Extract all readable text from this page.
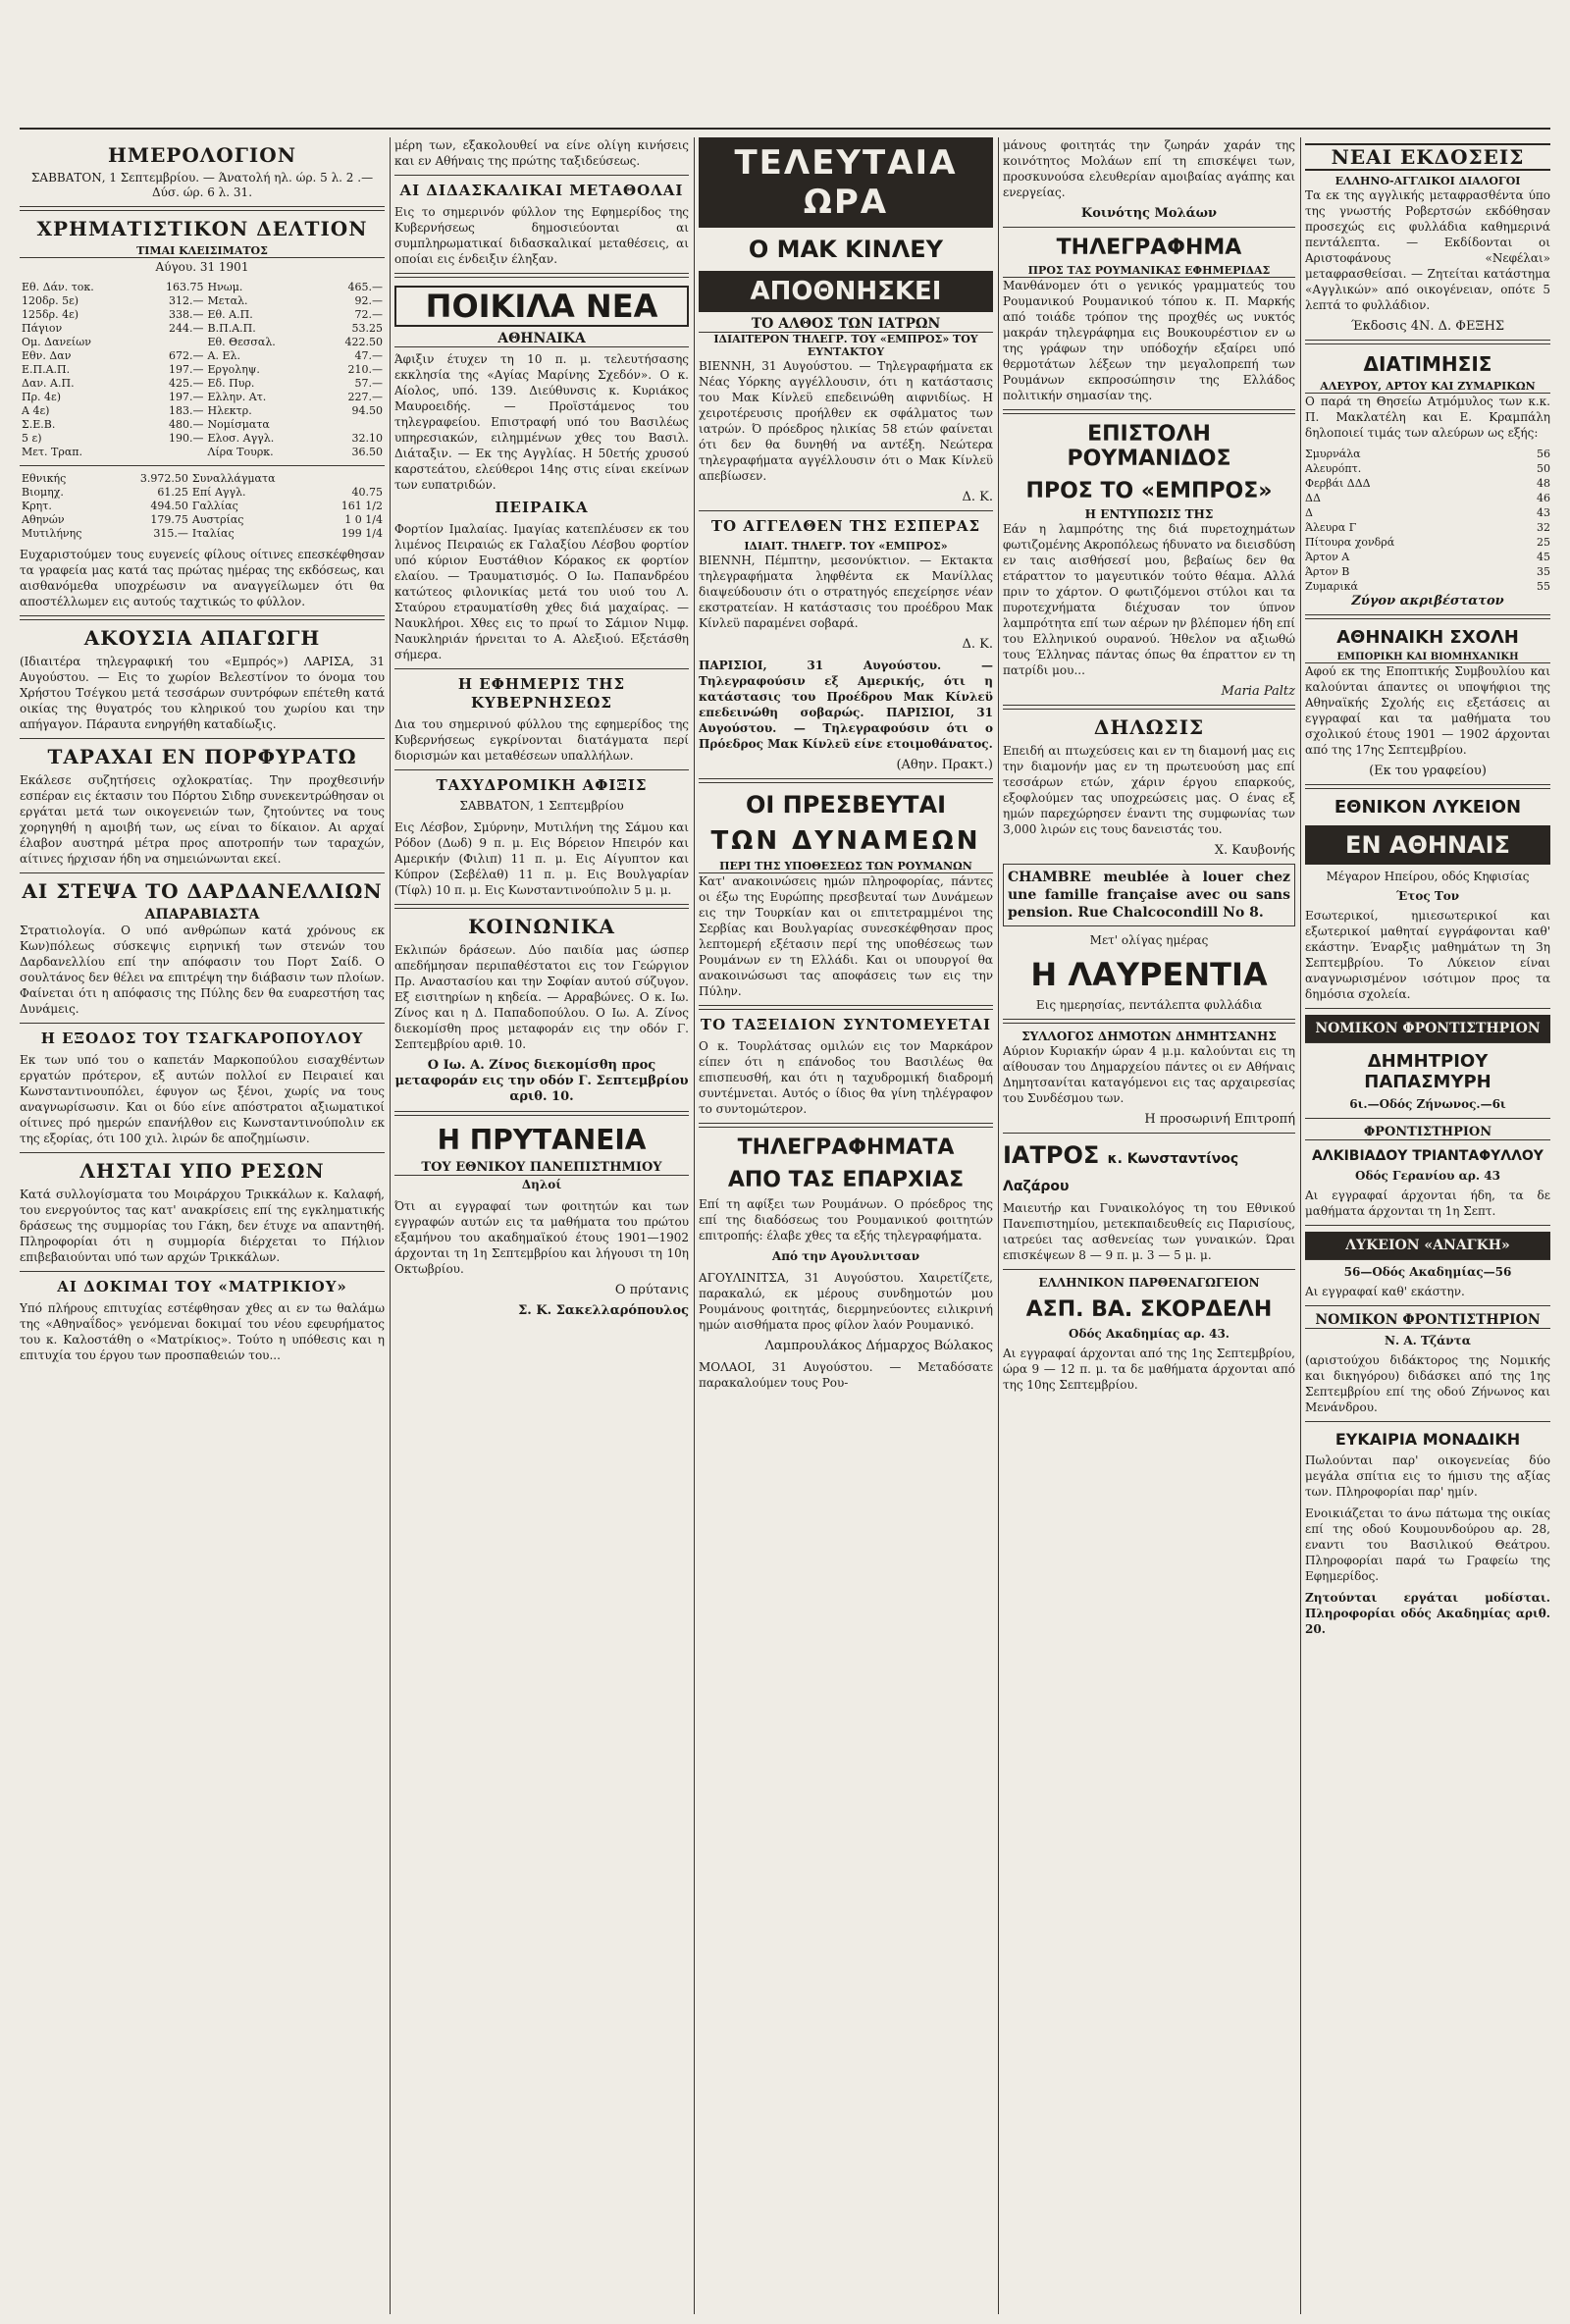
ΗΜΕΡΟΛΟΓΙΟΝ
ΣΑΒΒΑΤΟΝ, 1 Σεπτεμβρίου. — Άνατολή ηλ. ώρ. 5 λ. 2 .—Δύσ. ώρ. 6 λ. 31.
ΧΡΗΜΑΤΙΣΤΙΚΟΝ ΔΕΛΤΙΟΝ
ΤΙΜΑΙ ΚΛΕΙΣΙΜΑΤΟΣ
Αύγου. 31 1901
Εθ. Δάν. τοκ.	163.75	Ηνωμ.	465.—
120δρ. 5ε)	312.—	Μεταλ.	92.—
125δρ. 4ε)	338.—	Εθ. Α.Π.	72.—
Πάγιον	244.—	Β.Π.Α.Π.	53.25
Ομ. Δανείων		Εθ. Θεσσαλ.	422.50
Εθν. Δαν	672.—	Α. Ελ.	47.—
Ε.Π.Α.Π.	197.—	Εργοληψ.	210.—
Δαν. Α.Π.	425.—	Εδ. Πυρ.	57.—
Πρ. 4ε)	197.—	Ελλην. Ατ.	227.—
Α 4ε)	183.—	Ηλεκτρ.	94.50
Σ.Ε.Β.	480.—	Νομίσματα	
5 ε)	190.—	Ελοσ. Αγγλ.	32.10
Μετ. Τραπ.		Λίρα Τουρκ.	36.50
Εθνικής	3.972.50	Συναλλάγματα	
Βιομηχ.	61.25	Επί Αγγλ.	40.75
Κρητ.	494.50	Γαλλίας	161 1/2
Αθηνών	179.75	Αυστρίας	1 0 1/4
Μυτιλήνης	315.—	Ιταλίας	199 1/4

Ευχαριστούμεν τους ευγενείς φίλους οίτινες επεσκέφθησαν τα γραφεία μας κατά τας πρώτας ημέρας της εκδόσεως, και αισθανόμεθα υποχρέωσιν να αναγγείλωμεν ότι θα αποστέλλωμεν εις αυτούς ταχτικώς το φύλλον.

ΑΚΟΥΣΙΑ ΑΠΑΓΩΓΗ

(Ιδιαιτέρα τηλεγραφική του «Εμπρός») ΛΑΡΙΣΑ, 31 Αυγούστου. — Εις το χωρίον Βελεστίνον το όνομα του Χρήστου Τσέγκου μετά τεσσάρων συντρόφων επέτεθη κατά οικίας της θυγατρός του κληρικού του χωρίου και την απήγαγον. Πάραυτα ενηργήθη καταδίωξις.

ΤΑΡΑΧΑΙ ΕΝ ΠΟΡΦΥΡΑΤΩ

Εκάλεσε συζητήσεις οχλοκρατίας. Την προχθεσινήν εσπέραν εις έκτασιν του Πόρτου Σιδηρ συνεκεντρώθησαν οι εργάται μετά των οικογενειών των, ζητούντες να τους χορηγηθή η αμοιβή των, ως είναι το δίκαιον. Αι αρχαί έλαβον αυστηρά μέτρα προς αποτροπήν των ταραχών, αίτινες ήρχισαν ήδη να σημειώνωνται εκεί.

ΑΙ ΣΤΕΨΑ ΤΟ ΔΑΡΔΑΝΕΛΛΙΩΝ
ΑΠΑΡΑΒΙΑΣΤΑ

Στρατιολογία. Ο υπό ανθρώπων κατά χρόνους εκ Κων)πόλεως σύσκεψις ειρηνική των στενών του Δαρδανελλίου επί την απόφασιν του Πορτ Σαίδ. Ο σουλτάνος δεν θέλει να επιτρέψη την διάβασιν των πλοίων. Φαίνεται ότι η απόφασις της Πύλης δεν θα ευαρεστήση τας Δυνάμεις.

Η ΕΞΟΔΟΣ ΤΟΥ ΤΣΑΓΚΑΡΟΠΟΥΛΟΥ

Εκ των υπό του ο καπετάν Μαρκοπούλου εισαχθέντων εργατών πρότερον, εξ αυτών πολλοί εν Πειραιεί και Κωνσταντινουπόλει, έφυγον ως ξένοι, χωρίς να τους αναγνωρίσωσιν. Και οι δύο είνε απόστρατοι αξιωματικοί οίτινες πρό ημερών επανήλθον εις Κωνσταντινούπολιν εκ της εξορίας, ότι 100 χιλ. λιρών δε αποζημίωσιν.

ΛΗΣΤΑΙ ΥΠΟ ΡΕΣΩΝ

Κατά συλλογίσματα του Μοιράρχου Τρικκάλων κ. Καλαφή, του ενεργούντος τας κατ' ανακρίσεις επί της εγκληματικής δράσεως της συμμορίας του Γάκη, δεν έτυχε να απαντηθή. Πληροφορίαι ότι η συμμορία διέρχεται το Πήλιον επιβεβαιούνται υπό των αρχών Τρικκάλων.

ΑΙ ΔΟΚΙΜΑΙ ΤΟΥ «ΜΑΤΡΙΚΙΟΥ»

Υπό πλήρους επιτυχίας εστέφθησαν χθες αι εν τω θαλάμω της «Αθηναΐδος» γενόμεναι δοκιμαί του νέου εφευρήματος του κ. Καλοστάθη ο «Ματρίκιος». Τούτο η υπόθεσις και η επιτυχία του έργου των προσπαθειών του...

μέρη των, εξακολουθεί να είνε ολίγη κινήσεις και εν Αθήναις της πρώτης ταξιδεύσεως.

ΑΙ ΔΙΔΑΣΚΑΛΙΚΑΙ ΜΕΤΑΘΟΛΑΙ

Εις το σημερινόν φύλλον της Εφημερίδος της Κυβερνήσεως δημοσιεύονται αι συμπληρωματικαί διδασκαλικαί μεταθέσεις, αι οποίαι εις ένδειξιν έληξαν.

ΠΟΙΚΙΛΑ ΝΕΑ
ΑΘΗΝΑΙΚΑ

Άφιξιν έτυχεν τη 10 π. μ. τελευτήσασης εκκλησία της «Αγίας Μαρίνης Σχεδόν». Ο κ. Αίολος, υπό. 139. Διεύθυνσις κ. Κυριάκος Μαυροειδής. — Προϊστάμενος του τηλεγραφείου. Επιστραφή υπό του Βασιλέως υπηρεσιακών, ειλημμένων χθες του Βασιλ. Διάταξιν. — Εκ της Αγγλίας. Η 50ετής χρυσού καρστεάτου, ελεύθεροι 14ης στις είναι εκείνων των ευπατριδών.

ΠΕΙΡΑΙΚΑ

Φορτίον Ιμαλαίας. Ιμαγίας κατεπλέυσεν εκ του λιμένος Πειραιώς εκ Γαλαξίου Λέσβου φορτίον υπό κύριον Ευστάθιον Κόρακος εκ φορτίον ελαίου. — Τραυματισμός. Ο Ιω. Παπανδρέου κατώτεος φιλονικίας μετά του υιού του Λ. Σταύρου ετραυματίσθη χθες διά μαχαίρας. — Ναυκλήροι. Χθες εις το πρωί το Σάμιον Νιμφ. Ναυκληριάν ήρνειται το Α. Αλεξιού. Εξετάσθη σήμερα.

Η ΕΦΗΜΕΡΙΣ ΤΗΣ ΚΥΒΕΡΝΗΣΕΩΣ

Δια του σημερινού φύλλου της εφημερίδος της Κυβερνήσεως εγκρίνονται διατάγματα περί διορισμών και μεταθέσεων υπαλλήλων.

ΤΑΧΥΔΡΟΜΙΚΗ ΑΦΙΞΙΣ
ΣΑΒΒΑΤΟΝ, 1 Σεπτεμβρίου

Εις Λέσβον, Σμύρνην, Μυτιλήνη της Σάμου και Ρόδον (Δωδ) 9 π. μ. Εις Βόρειον Ηπειρόν και Αμερικήν (Φιλιπ) 11 π. μ. Εις Αίγυπτον και Κύπρον (Σεβέλαθ) 11 π. μ. Εις Βουλγαρίαν (Τίφλ) 10 π. μ. Εις Κωνσταντινούπολιν 5 μ. μ.

ΚΟΙΝΩΝΙΚΑ

Εκλιπών δράσεων. Δύο παιδία μας ώσπερ απεδήμησαν περιπαθέστατοι εις τον Γεώργιον Πρ. Αναστασίου και την Σοφίαν αυτού σύζυγον. Εξ εισιτηρίων η κηδεία. — Αρραβώνες. Ο κ. Ιω. Ζίνος και η Δ. Παπαδοπούλου. Ο Ιω. Α. Ζίνος διεκομίσθη προς μεταφοράν εις την οδόν Γ. Σεπτεμβρίου αριθ. 10.

Ο Ιω. Α. Ζίνος διεκομίσθη προς μεταφοράν εις την οδόν Γ. Σεπτεμβρίου αριθ. 10.

Η ΠΡΥΤΑΝΕΙΑ
ΤΟΥ ΕΘΝΙΚΟΥ ΠΑΝΕΠΙΣΤΗΜΙΟΥ
Δηλοί

Ότι αι εγγραφαί των φοιτητών και των εγγραφών αυτών εις τα μαθήματα του πρώτου εξαμήνου του ακαδημαϊκού έτους 1901—1902 άρχονται τη 1η Σεπτεμβρίου και λήγουσι τη 10η Οκτωβρίου.

Ο πρύτανις
Σ. Κ. Σακελλαρόπουλος
ΤΕΛΕΥΤΑΙΑ ΩΡΑ
Ο ΜΑΚ ΚΙΝΛΕΥ
ΑΠΟΘΝΗΣΚΕΙ
ΤΟ ΑΛΘΟΣ ΤΩΝ ΙΑΤΡΩΝ
ΙΔΙΑΙΤΕΡΟΝ ΤΗΛΕΓΡ. ΤΟΥ «ΕΜΠΡΟΣ» ΤΟΥ ΕΥΝΤΑΚΤΟΥ

ΒΙΕΝΝΗ, 31 Αυγούστου. — Τηλεγραφήματα εκ Νέας Υόρκης αγγέλλουσιν, ότι η κατάστασις του Μακ Κίνλεϋ επεδεινώθη αιφνιδίως. Η χειροτέρευσις προήλθεν εκ σφάλματος των ιατρών. Ό πρόεδρος ηλικίας 58 ετών φαίνεται ότι δεν θα δυνηθή να αντέξη. Νεώτερα τηλεγραφήματα αγγέλλουσιν ότι ο Μακ Κίνλεϋ απεβίωσεν.

Δ. Κ.
ΤΟ ΑΓΓΕΛΘΕΝ ΤΗΣ ΕΣΠΕΡΑΣ
ΙΔΙΑΙΤ. ΤΗΛΕΓΡ. ΤΟΥ «ΕΜΠΡΟΣ»

ΒΙΕΝΝΗ, Πέμπτην, μεσονύκτιον. — Εκτακτα τηλεγραφήματα ληφθέντα εκ Μανίλλας διαψεύδουσιν ότι ο στρατηγός επεχείρησε νέαν εκστρατείαν. Η κατάστασις του προέδρου Μακ Κίνλεϋ παραμένει σοβαρά.

Δ. Κ.

ΠΑΡΙΣΙΟΙ, 31 Αυγούστου. — Τηλεγραφούσιν εξ Αμερικής, ότι η κατάστασις του Προέδρου Μακ Κίνλεϋ επεδεινώθη σοβαρώς. ΠΑΡΙΣΙΟΙ, 31 Αυγούστου. — Τηλεγραφούσιν ότι ο Πρόεδρος Μακ Κίνλεϋ είνε ετοιμοθάνατος.

(Αθην. Πρακτ.)
ΟΙ ΠΡΕΣΒΕΥΤΑΙ
ΤΩΝ ΔΥΝΑΜΕΩΝ
ΠΕΡΙ ΤΗΣ ΥΠΟΘΕΣΕΩΣ ΤΩΝ ΡΟΥΜΑΝΩΝ

Κατ' ανακοινώσεις ημών πληροφορίας, πάντες οι έξω της Ευρώπης πρεσβευταί των Δυνάμεων εις την Τουρκίαν και οι επιτετραμμένοι της Σερβίας και Βουλγαρίας συνεσκέφθησαν προς λεπτομερή εξέτασιν περί της υποθέσεως των Ρουμάνων εν τη Ελλάδι. Και οι υπουργοί θα ανακοινώσωσι τας αποφάσεις των εις την Πύλην.

ΤΟ ΤΑΞΕΙΔΙΟΝ ΣΥΝΤΟΜΕΥΕΤΑΙ

Ο κ. Τουρλάτσας ομιλών εις τον Μαρκάρον είπεν ότι η επάνοδος του Βασιλέως θα επισπευσθή, και ότι η ταχυδρομική διαδρομή συντέμνεται. Αυτός ο ίδιος θα γίνη τηλέγραφον το συντομώτερον.

ΤΗΛΕΓΡΑΦΗΜΑΤΑ
ΑΠΟ ΤΑΣ ΕΠΑΡΧΙΑΣ

Επί τη αφίξει των Ρουμάνων. Ο πρόεδρος της επί της διαδόσεως του Ρουμανικού φοιτητών επιτροπής: έλαβε χθες τα εξής τηλεγραφήματα.

Από την Αγουλνιτσαν

ΑΓΟΥΛΙΝΙΤΣΑ, 31 Αυγούστου. Χαιρετίζετε, παρακαλώ, εκ μέρους συνδημοτών μου Ρουμάνους φοιτητάς, διερμηνεύοντες ειλικρινή ημών αισθήματα προς φίλον λαόν Ρουμανικό.

Λαμπρουλάκος Δήμαρχος Βώλακος

ΜΟΛΑΟΙ, 31 Αυγούστου. — Μεταδόσατε παρακαλούμεν τους Ρου-

μάνους φοιτητάς την ζωηράν χαράν της κοινότητος Μολάων επί τη επισκέψει των, προσκυνούσα ελευθερίαν αμοιβαίας αγάπης και ενεργείας.

Κοινότης Μολάων
ΤΗΛΕΓΡΑΦΗΜΑ
ΠΡΟΣ ΤΑΣ ΡΟΥΜΑΝΙΚΑΣ ΕΦΗΜΕΡΙΔΑΣ

Μανθάνομεν ότι ο γενικός γραμματεύς του Ρουμανικού Ρουμανικού τόπου κ. Π. Μαρκής από τοιάδε τρόπον της προχθές ως νυκτός μακράν τηλεγράφημα εις Βουκουρέστιον εν ω της γράφων την υπόδοχήν εξαίρει υπό θερμοτάτων λέξεων την μεγαλοπρεπή των Ρουμάνων εκπροσώπησιν της Ελλάδος πολιτικήν σημασίαν της.

ΕΠΙΣΤΟΛΗ ΡΟΥΜΑΝΙΔΟΣ
ΠΡΟΣ ΤΟ «ΕΜΠΡΟΣ»
Η ΕΝΤΥΠΩΣΙΣ ΤΗΣ

Εάν η λαμπρότης της διά πυρετοχημάτων φωτιζομένης Ακροπόλεως ήδυνατο να διεισδύση εν ταις αισθήσεσί μου, βεβαίως δεν θα ετάραττον το μαγευτικόν τούτο θέαμα. Αλλά πριν το χάρτον. Ο φωτιζόμενοι στύλοι και τα πυροτεχνήματα διέχυσαν τον ύπνον λαμπρότητα επί των αέρων ην βλέπομεν ήδη επί του Ελληνικού ουρανού. Ήθελον να αξιωθώ τους Έλληνας πάντας όπως θα έπραττον εν τη πατρίδι μου...

Maria Paltz
ΔΗΛΩΣΙΣ

Επειδή αι πτωχεύσεις και εν τη διαμονή μας εις την διαμονήν μας εν τη πρωτευούση μας επί τεσσάρων ετών, χάριν έργου επαρκούς, εξοφλούμεν τας υποχρεώσεις μας. Ο ένας εξ ημών παρεχώρησεν έναντι της συμφωνίας των 3,000 λιρών εις τους δανειστάς του.

Χ. Καυβονής

CHAMBRE meublée à louer chez une famille française avec ou sans pension. Rue Chalcocondill No 8.

Μετ' ολίγας ημέρας
Η ΛΑΥΡΕΝΤΙΑ
Εις ημερησίας, πεντάλεπτα φυλλάδια
ΣΥΛΛΟΓΟΣ ΔΗΜΟΤΩΝ ΔΗΜΗΤΣΑΝΗΣ

Αύριον Κυριακήν ώραν 4 μ.μ. καλούνται εις τη αίθουσαν του Δημαρχείου πάντες οι εν Αθήναις Δημητσανίται καταγόμενοι εις τας αρχαιρεσίας του Συνδέσμου των.

Η προσωρινή Επιτροπή
ΙΑΤΡΟΣ κ. Κωνσταντίνος Λαζάρου

Μαιευτήρ και Γυναικολόγος τη του Εθνικού Πανεπιστημίου, μετεκπαιδευθείς εις Παρισίους, ιατρεύει τας ασθενείας των γυναικών. Ώραι επισκέψεων 8 — 9 π. μ. 3 — 5 μ. μ.

ΕΛΛΗΝΙΚΟΝ ΠΑΡΘΕΝΑΓΩΓΕΙΟΝ
ΑΣΠ. ΒΑ. ΣΚΟΡΔΕΛΗ
Οδός Ακαδημίας αρ. 43.

Αι εγγραφαί άρχονται από της 1ης Σεπτεμβρίου, ώρα 9 — 12 π. μ. τα δε μαθήματα άρχονται από της 10ης Σεπτεμβρίου.

ΝΕΑΙ ΕΚΔΟΣΕΙΣ
ΕΛΛΗΝΟ-ΑΓΓΛΙΚΟΙ ΔΙΑΛΟΓΟΙ

Τα εκ της αγγλικής μεταφρασθέντα ύπο της γνωστής Ροβερτσών εκδόθησαν προσεχώς εις φυλλάδια καθημερινά πεντάλεπτα. — Εκδίδονται οι Αριστοφάνους «Νεφέλαι» μεταφρασθείσαι. — Ζητείται κατάστημα «Αγγλικών» από οικογένειαν, οπότε 5 λεπτά το φυλλάδιον.

Έκδοσις 4Ν. Δ. ΦΕΞΗΣ
ΔΙΑΤΙΜΗΣΙΣ
ΑΛΕΥΡΟΥ, ΑΡΤΟΥ ΚΑΙ ΖΥΜΑΡΙΚΩΝ

Ο παρά τη Θησείω Ατμόμυλος των κ.κ. Π. Μακλατέλη και Ε. Κραμπάλη δηλοποιεί τιμάς των αλεύρων ως εξής:

Σμυρνάλα	56
Αλευρόπτ.	50
Φερβάι ΔΔΔ	48
ΔΔ	46
Δ	43
Άλευρα Γ	32
Πίτουρα χονδρά	25
Άρτον Α	45
Άρτον Β	35
Ζυμαρικά	55
Ζύγον ακριβέστατον
ΑΘΗΝΑΙΚΗ ΣΧΟΛΗ
ΕΜΠΟΡΙΚΗ ΚΑΙ ΒΙΟΜΗΧΑΝΙΚΗ

Αφού εκ της Εποπτικής Συμβουλίου και καλούνται άπαντες οι υποψήφιοι της Αθηναϊκής Σχολής εις εξετάσεις αι εγγραφαί και τα μαθήματα του σχολικού έτους 1901 — 1902 άρχονται από της 17ης Σεπτεμβρίου.

(Εκ του γραφείου)
ΕΘΝΙΚΟΝ ΛΥΚΕΙΟΝ
ΕΝ ΑΘΗΝΑΙΣ
Μέγαρον Ηπείρου, οδός Κηφισίας
Έτος Τον

Εσωτερικοί, ημιεσωτερικοί και εξωτερικοί μαθηταί εγγράφονται καθ' εκάστην. Έναρξις μαθημάτων τη 3η Σεπτεμβρίου. Το Λύκειον είναι αναγνωρισμένον ισότιμον προς τα δημόσια σχολεία.

ΝΟΜΙΚΟΝ ΦΡΟΝΤΙΣΤΗΡΙΟΝ
ΔΗΜΗΤΡΙΟΥ ΠΑΠΑΣΜΥΡΗ
6ι.—Οδός Ζήνωνος.—6ι
ΦΡΟΝΤΙΣΤΗΡΙΟΝ
ΑΛΚΙΒΙΑΔΟΥ ΤΡΙΑΝΤΑΦΥΛΛΟΥ
Οδός Γερανίου αρ. 43

Αι εγγραφαί άρχονται ήδη, τα δε μαθήματα άρχονται τη 1η Σεπτ.

ΛΥΚΕΙΟΝ «ΑΝΑΓΚΗ»
56—Οδός Ακαδημίας—56

Αι εγγραφαί καθ' εκάστην.

ΝΟΜΙΚΟΝ ΦΡΟΝΤΙΣΤΗΡΙΟΝ
Ν. Α. Τζάντα

(αριστούχου διδάκτορος της Νομικής και δικηγόρου) διδάσκει από της 1ης Σεπτεμβρίου επί της οδού Ζήνωνος και Μενάνδρου.

ΕΥΚΑΙΡΙΑ ΜΟΝΑΔΙΚΗ

Πωλούνται παρ' οικογενείας δύο μεγάλα σπίτια εις το ήμισυ της αξίας των. Πληροφορίαι παρ' ημίν.

Ενοικιάζεται το άνω πάτωμα της οικίας επί της οδού Κουμουνδούρου αρ. 28, εναντι του Βασιλικού Θεάτρου. Πληροφορίαι παρά τω Γραφείω της Εφημερίδος.

Ζητούνται εργάται μοδίσται. Πληροφορίαι οδός Ακαδημίας αριθ. 20.
